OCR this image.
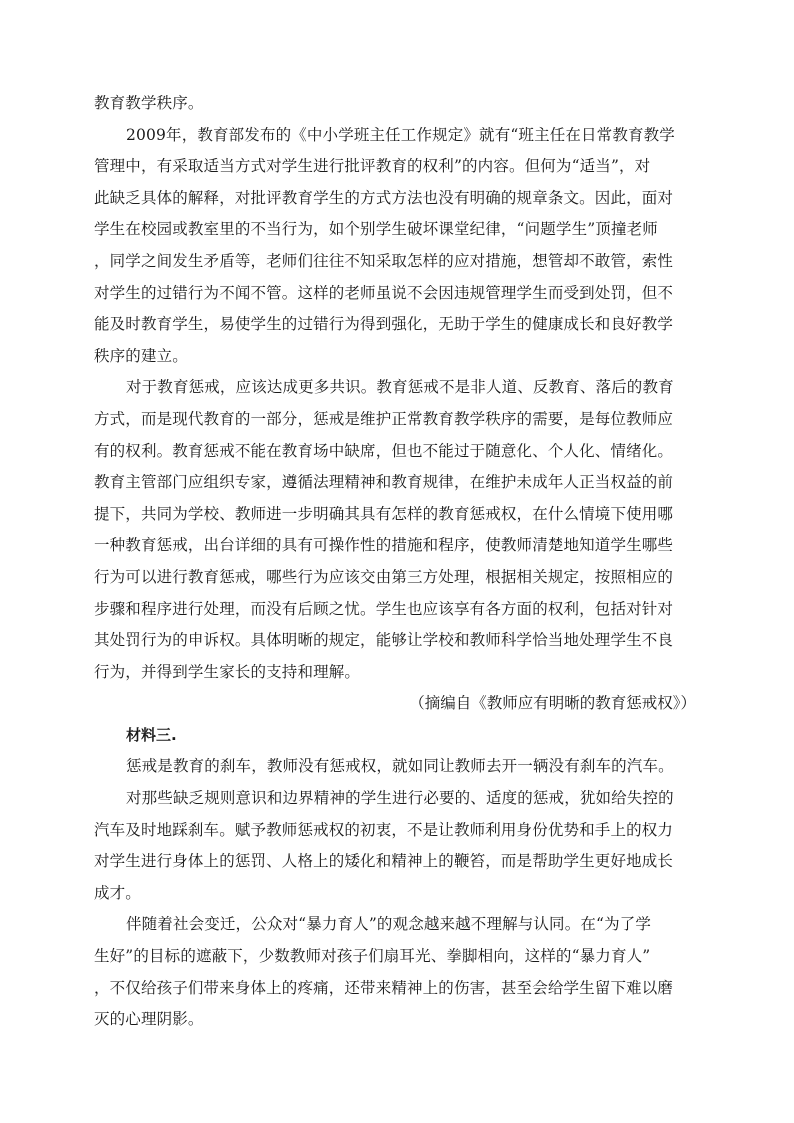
教育教学秩序。
2009年，教育部发布的《中小学班主任工作规定》就有“班主任在日常教育教学
管理中，有采取适当方式对学生进行批评教育的权利”的内容。但何为“适当”，对
此缺乏具体的解释，对批评教育学生的方式方法也没有明确的规章条文。因此，面对
学生在校园或教室里的不当行为，如个别学生破坏课堂纪律，“问题学生”顶撞老师
，同学之间发生矛盾等，老师们往往不知采取怎样的应对措施，想管却不敢管，索性
对学生的过错行为不闻不管。这样的老师虽说不会因违规管理学生而受到处罚，但不
能及时教育学生，易使学生的过错行为得到强化，无助于学生的健康成长和良好教学
秩序的建立。
对于教育惩戒，应该达成更多共识。教育惩戒不是非人道、反教育、落后的教育
方式，而是现代教育的一部分，惩戒是维护正常教育教学秩序的需要，是每位教师应
有的权利。教育惩戒不能在教育场中缺席，但也不能过于随意化、个人化、情绪化。
教育主管部门应组织专家，遵循法理精神和教育规律，在维护未成年人正当权益的前
提下，共同为学校、教师进一步明确其具有怎样的教育惩戒权，在什么情境下使用哪
一种教育惩戒，出台详细的具有可操作性的措施和程序，使教师清楚地知道学生哪些
行为可以进行教育惩戒，哪些行为应该交由第三方处理，根据相关规定，按照相应的
步骤和程序进行处理，而没有后顾之忧。学生也应该享有各方面的权利，包括对针对
其处罚行为的申诉权。具体明晰的规定，能够让学校和教师科学恰当地处理学生不良
行为，并得到学生家长的支持和理解。
（摘编自《教师应有明晰的教育惩戒权》）
材料三.
惩戒是教育的刹车，教师没有惩戒权，就如同让教师去开一辆没有刹车的汽车。
对那些缺乏规则意识和边界精神的学生进行必要的、适度的惩戒，犹如给失控的
汽车及时地踩刹车。赋予教师惩戒权的初衷，不是让教师利用身份优势和手上的权力
对学生进行身体上的惩罚、人格上的矮化和精神上的鞭笞，而是帮助学生更好地成长
成才。
伴随着社会变迁，公众对“暴力育人”的观念越来越不理解与认同。在“为了学
生好”的目标的遮蔽下，少数教师对孩子们扇耳光、拳脚相向，这样的“暴力育人”
，不仅给孩子们带来身体上的疼痛，还带来精神上的伤害，甚至会给学生留下难以磨
灭的心理阴影。
